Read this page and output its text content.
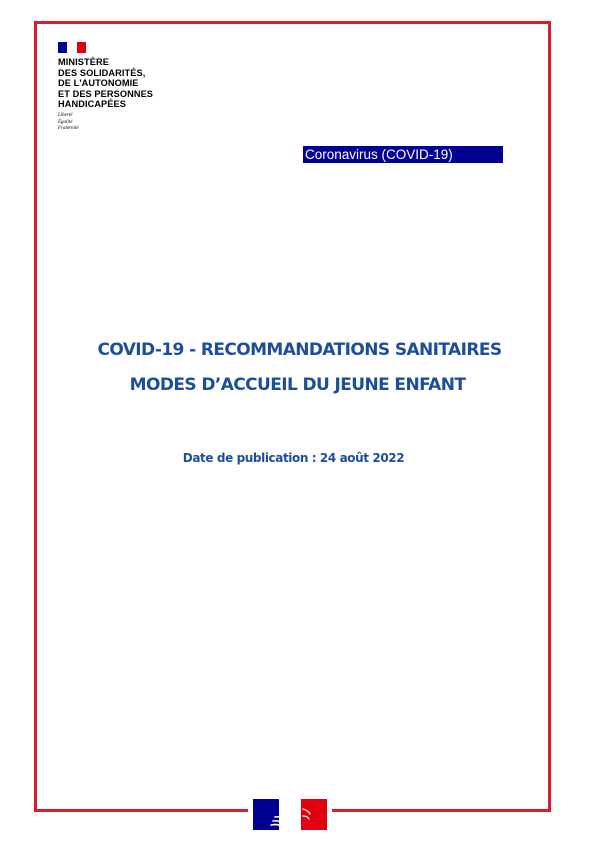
MINISTÈRE
DES SOLIDARITÉS,
DE L'AUTONOMIE
ET DES PERSONNES
HANDICAPÉES
Liberté
Égalité
Fraternité
Coronavirus (COVID-19)
COVID-19 - RECOMMANDATIONS SANITAIRES
MODES D’ACCUEIL DU JEUNE ENFANT
Date de publication : 24 août 2022
